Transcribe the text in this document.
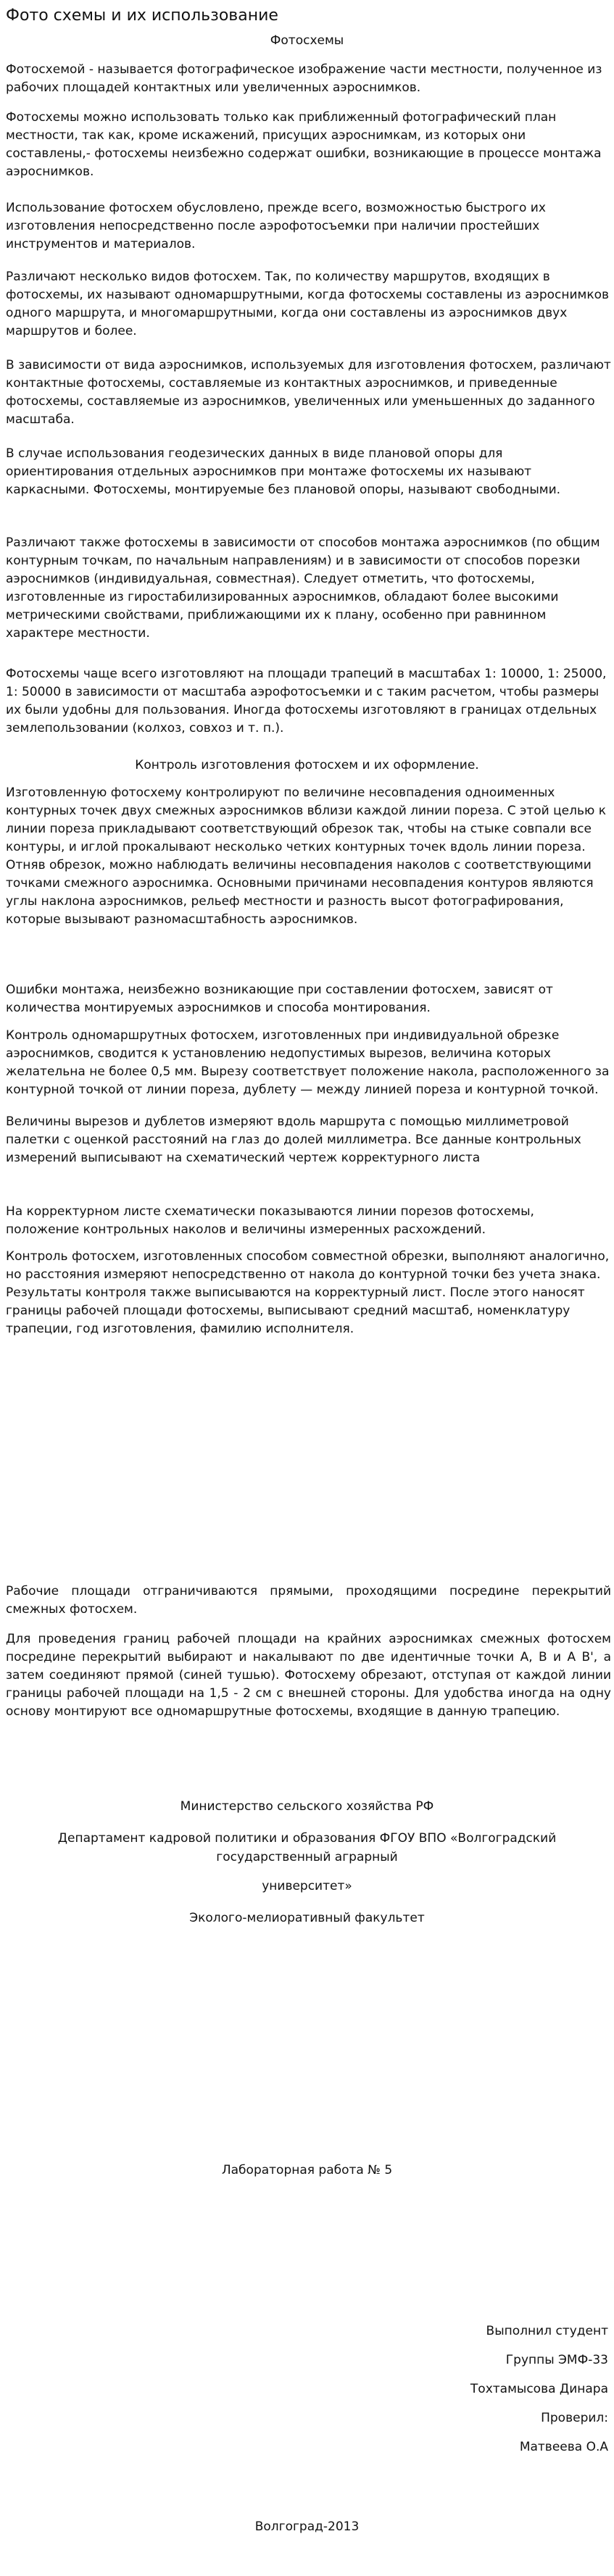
Фото схемы и их использование

Фотосхемы

Фотосхемой - называется фотографическое изображение части местности, полученное из рабочих площадей контактных или увеличенных аэроснимков.

Фотосхемы можно использовать только как приближенный фотографический план местности, так как, кроме искажений, присущих аэроснимкам, из которых они составлены,- фотосхемы неизбежно содержат ошибки, возникающие в процессе монтажа аэроснимков.

Использование фотосхем обусловлено, прежде всего, возможностью быстрого их изготовления непосредственно после аэрофотосъемки при наличии простейших инструментов и материалов.

Различают несколько видов фотосхем. Так, по количеству маршрутов, входящих в фотосхемы, их называют одномаршрутными, когда фотосхемы составлены из аэроснимков одного маршрута, и многомаршрутными, когда они составлены из аэроснимков двух маршрутов и более.

В зависимости от вида аэроснимков, используемых для изготовления фотосхем, различают контактные фотосхемы, составляемые из контактных аэроснимков, и приведенные фотосхемы, составляемые из аэроснимков, увеличенных или уменьшенных до заданного масштаба.

В случае использования геодезических данных в виде плановой опоры для ориентирования отдельных аэроснимков при монтаже фотосхемы их называют каркасными. Фотосхемы, монтируемые без плановой опоры, называют свободными.

Различают также фотосхемы в зависимости от способов монтажа аэроснимков (по общим контурным точкам, по начальным направлениям) и в зависимости от способов порезки аэроснимков (индивидуальная, совместная). Следует отметить, что фотосхемы, изготовленные из гиростабилизированных аэроснимков, обладают более высокими метрическими свойствами, приближающими их к плану, особенно при равнинном характере местности.

Фотосхемы чаще всего изготовляют на площади трапеций в масштабах 1: 10000, 1: 25000, 1: 50000 в зависимости от масштаба аэрофотосъемки и с таким расчетом, чтобы размеры их были удобны для пользования. Иногда фотосхемы изготовляют в границах отдельных землепользовании (колхоз, совхоз и т. п.).

Контроль изготовления фотосхем и их оформление.

Изготовленную фотосхему контролируют по величине несовпадения одноименных контурных точек двух смежных аэроснимков вблизи каждой линии пореза. С этой целью к линии пореза прикладывают соответствующий обрезок так, чтобы на стыке совпали все контуры, и иглой прокалывают несколько четких контурных точек вдоль линии пореза. Отняв обрезок, можно наблюдать величины несовпадения наколов с соответствующими точками смежного аэроснимка. Основными причинами несовпадения контуров являются углы наклона аэроснимков, рельеф местности и разность высот фотографирования, которые вызывают разномасштабность аэроснимков.

Ошибки монтажа, неизбежно возникающие при составлении фотосхем, зависят от количества монтируемых аэроснимков и способа монтирования.

Контроль одномаршрутных фотосхем, изготовленных при индивидуальной обрезке аэроснимков, сводится к установлению недопустимых вырезов, величина которых желательна не более 0,5 мм. Вырезу соответствует положение накола, расположенного за контурной точкой от линии пореза, дублету — между линией пореза и контурной точкой.

Величины вырезов и дублетов измеряют вдоль маршрута с помощью миллиметровой палетки с оценкой расстояний на глаз до долей миллиметра. Все данные контрольных измерений выписывают на схематический чертеж корректурного листа

На корректурном листе схематически показываются линии порезов фотосхемы, положение контрольных наколов и величины измеренных расхождений.

Контроль фотосхем, изготовленных способом совместной обрезки, выполняют аналогично, но расстояния измеряют непосредственно от накола до контурной точки без учета знака. Результаты контроля также выписываются на корректурный лист. После этого наносят границы рабочей площади фотосхемы, выписывают средний масштаб, номенклатуру трапеции, год изготовления, фамилию исполнителя.

Рабочие площади отграничиваются прямыми, проходящими посредине перекрытий смежных фотосхем.

Для проведения границ рабочей площади на крайних аэроснимках смежных фотосхем посредине перекрытий выбирают и накалывают по две идентичные точки А, В и А В', а затем соединяют прямой (синей тушью). Фотосхему обрезают, отступая от каждой линии границы рабочей площади на 1,5 - 2 см с внешней стороны. Для удобства иногда на одну основу монтируют все одномаршрутные фотосхемы, входящие в данную трапецию.

Министерство сельского хозяйства РФ

Департамент кадровой политики и образования ФГОУ ВПО «Волгоградский

государственный аграрный

университет»

Эколого-мелиоративный факультет

Лабораторная работа № 5

Выполнил студент

Группы ЭМФ-33

Тохтамысова Динара

Проверил:

Матвеева О.А

Волгоград-2013
